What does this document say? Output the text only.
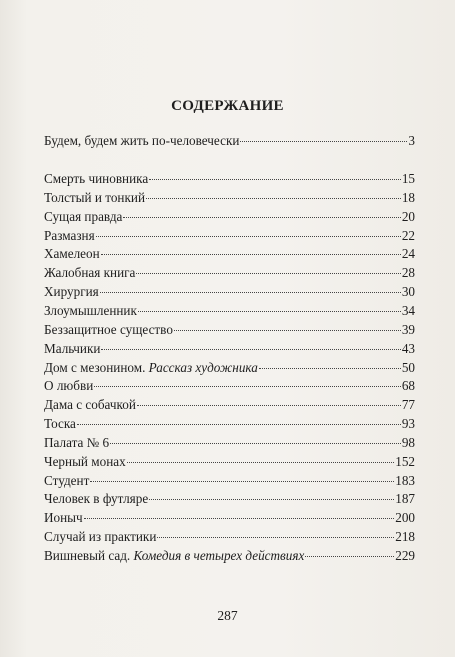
СОДЕРЖАНИЕ
Будем, будем жить по-человечески	3
Смерть чиновника	15
Толстый и тонкий	18
Сущая правда	20
Размазня	22
Хамелеон	24
Жалобная книга	28
Хирургия	30
Злоумышленник	34
Беззащитное существо	39
Мальчики	43
Дом с мезонином. Рассказ художника	50
О любви	68
Дама с собачкой	77
Тоска	93
Палата № 6	98
Черный монах	152
Студент	183
Человек в футляре	187
Ионыч	200
Случай из практики	218
Вишневый сад. Комедия в четырех действиях	229
287
